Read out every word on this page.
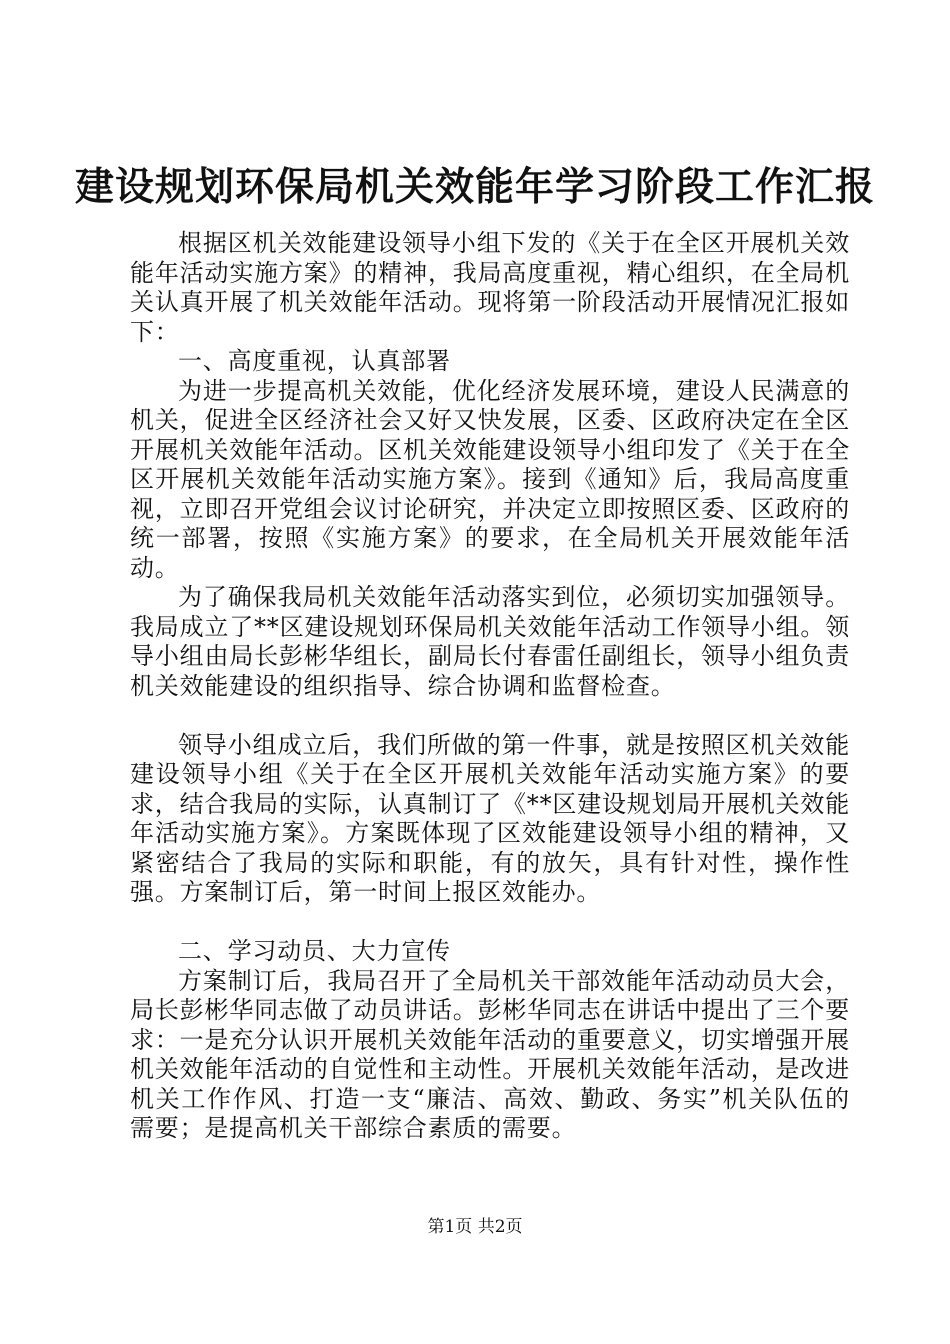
建设规划环保局机关效能年学习阶段工作汇报

根据区机关效能建设领导小组下发的《关于在全区开展机关效能年活动实施方案》的精神，我局高度重视，精心组织，在全局机关认真开展了机关效能年活动。现将第一阶段活动开展情况汇报如下：

一、高度重视，认真部署

为进一步提高机关效能，优化经济发展环境，建设人民满意的机关，促进全区经济社会又好又快发展，区委、区政府决定在全区开展机关效能年活动。区机关效能建设领导小组印发了《关于在全区开展机关效能年活动实施方案》。接到《通知》后，我局高度重视，立即召开党组会议讨论研究，并决定立即按照区委、区政府的统一部署，按照《实施方案》的要求，在全局机关开展效能年活动。

为了确保我局机关效能年活动落实到位，必须切实加强领导。我局成立了**区建设规划环保局机关效能年活动工作领导小组。领导小组由局长彭彬华组长，副局长付春雷任副组长，领导小组负责机关效能建设的组织指导、综合协调和监督检查。

领导小组成立后，我们所做的第一件事，就是按照区机关效能建设领导小组《关于在全区开展机关效能年活动实施方案》的要求，结合我局的实际，认真制订了《**区建设规划局开展机关效能年活动实施方案》。方案既体现了区效能建设领导小组的精神，又紧密结合了我局的实际和职能，有的放矢，具有针对性，操作性强。方案制订后，第一时间上报区效能办。

二、学习动员、大力宣传

方案制订后，我局召开了全局机关干部效能年活动动员大会，局长彭彬华同志做了动员讲话。彭彬华同志在讲话中提出了三个要求：一是充分认识开展机关效能年活动的重要意义，切实增强开展机关效能年活动的自觉性和主动性。开展机关效能年活动，是改进机关工作作风、打造一支“廉洁、高效、勤政、务实”机关队伍的需要；是提高机关干部综合素质的需要。

第1页 共2页
